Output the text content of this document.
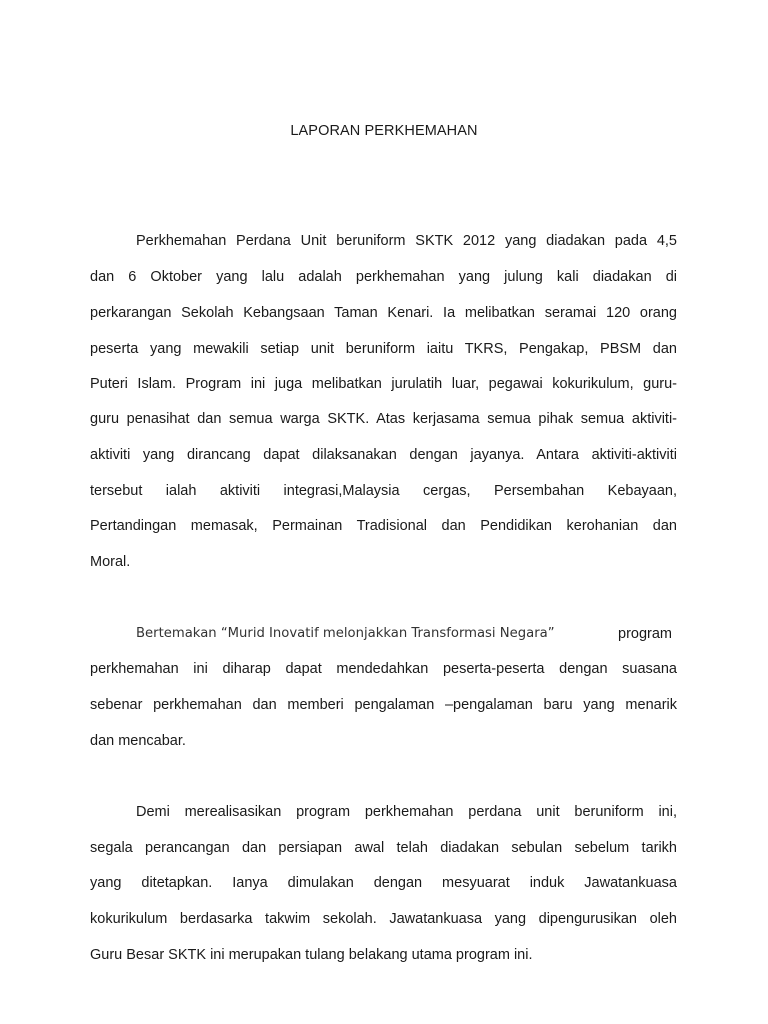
LAPORAN PERKHEMAHAN
Perkhemahan Perdana Unit beruniform SKTK 2012 yang diadakan pada 4,5
dan 6 Oktober yang lalu adalah perkhemahan yang julung kali diadakan di
perkarangan Sekolah Kebangsaan Taman Kenari. Ia melibatkan seramai 120 orang
peserta yang mewakili setiap unit beruniform iaitu TKRS, Pengakap, PBSM dan
Puteri Islam. Program ini juga melibatkan jurulatih luar, pegawai kokurikulum, guru-
guru penasihat dan semua warga SKTK. Atas kerjasama semua pihak semua aktiviti-
aktiviti yang dirancang dapat dilaksanakan dengan jayanya. Antara aktiviti-aktiviti
tersebut ialah aktiviti integrasi,Malaysia cergas, Persembahan Kebayaan,
Pertandingan memasak, Permainan Tradisional dan Pendidikan kerohanian dan
Moral.
Bertemakan “Murid Inovatif melonjakkan Transformasi Negara”	program
perkhemahan ini diharap dapat mendedahkan peserta-peserta dengan suasana
sebenar perkhemahan dan memberi pengalaman –pengalaman baru yang menarik
dan mencabar.
Demi merealisasikan program perkhemahan perdana unit beruniform ini,
segala perancangan dan persiapan awal telah diadakan sebulan sebelum tarikh
yang ditetapkan. Ianya dimulakan dengan mesyuarat induk Jawatankuasa
kokurikulum berdasarka takwim sekolah. Jawatankuasa yang dipengurusikan oleh
Guru Besar SKTK ini merupakan tulang belakang utama program ini.
